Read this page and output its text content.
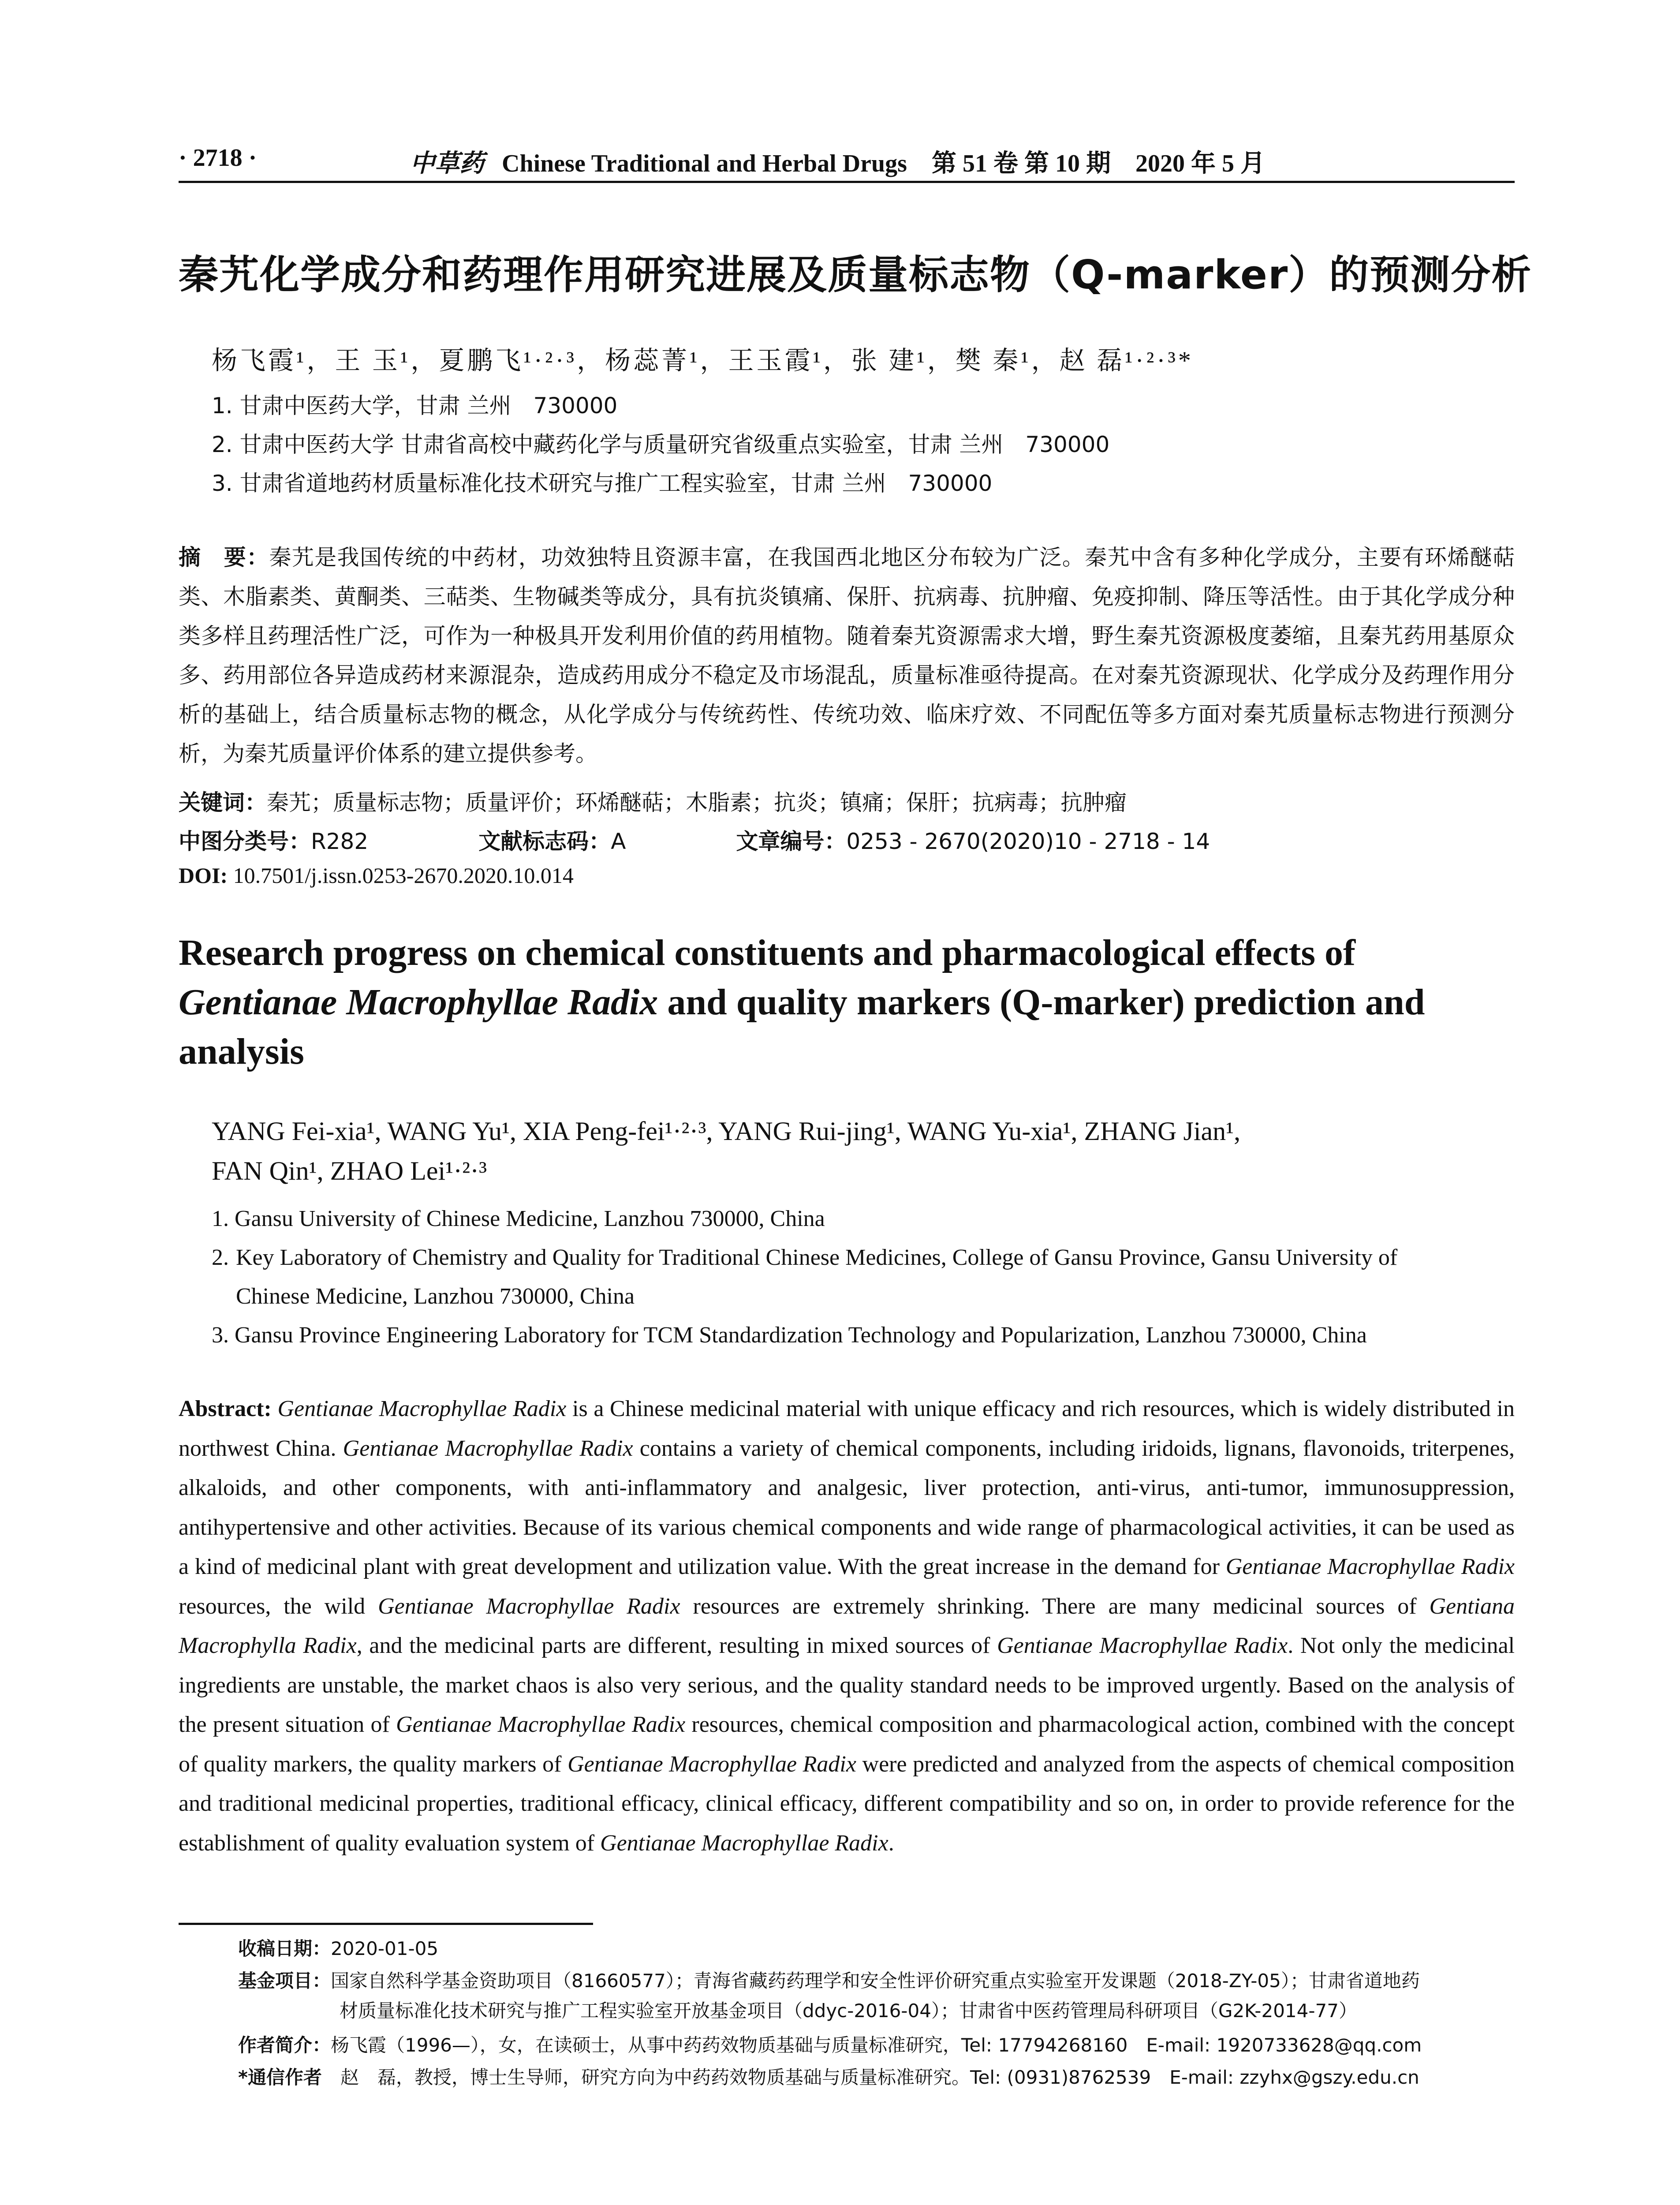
· 2718 ·	中草药 Chinese Traditional and Herbal Drugs　第 51 卷 第 10 期　2020 年 5 月
秦艽化学成分和药理作用研究进展及质量标志物（Q-marker）的预测分析
杨飞霞¹，王 玉¹，夏鹏飞¹·²·³，杨蕊菁¹，王玉霞¹，张 建¹，樊 秦¹，赵 磊¹·²·³*
1. 甘肃中医药大学，甘肃 兰州　730000
2. 甘肃中医药大学 甘肃省高校中藏药化学与质量研究省级重点实验室，甘肃 兰州　730000
3. 甘肃省道地药材质量标准化技术研究与推广工程实验室，甘肃 兰州　730000
摘　要：秦艽是我国传统的中药材，功效独特且资源丰富，在我国西北地区分布较为广泛。秦艽中含有多种化学成分，主要有环烯醚萜类、木脂素类、黄酮类、三萜类、生物碱类等成分，具有抗炎镇痛、保肝、抗病毒、抗肿瘤、免疫抑制、降压等活性。由于其化学成分种类多样且药理活性广泛，可作为一种极具开发利用价值的药用植物。随着秦艽资源需求大增，野生秦艽资源极度萎缩，且秦艽药用基原众多、药用部位各异造成药材来源混杂，造成药用成分不稳定及市场混乱，质量标准亟待提高。在对秦艽资源现状、化学成分及药理作用分析的基础上，结合质量标志物的概念，从化学成分与传统药性、传统功效、临床疗效、不同配伍等多方面对秦艽质量标志物进行预测分析，为秦艽质量评价体系的建立提供参考。
关键词：秦艽；质量标志物；质量评价；环烯醚萜；木脂素；抗炎；镇痛；保肝；抗病毒；抗肿瘤
中图分类号：R282	文献标志码：A	文章编号：0253 - 2670(2020)10 - 2718 - 14
DOI: 10.7501/j.issn.0253-2670.2020.10.014
Research progress on chemical constituents and pharmacological effects of
Gentianae Macrophyllae Radix and quality markers (Q-marker) prediction and
analysis
YANG Fei-xia¹, WANG Yu¹, XIA Peng-fei¹·²·³, YANG Rui-jing¹, WANG Yu-xia¹, ZHANG Jian¹,
FAN Qin¹, ZHAO Lei¹·²·³
1. Gansu University of Chinese Medicine, Lanzhou 730000, China
2. Key Laboratory of Chemistry and Quality for Traditional Chinese Medicines, College of Gansu Province, Gansu University of
Chinese Medicine, Lanzhou 730000, China
3. Gansu Province Engineering Laboratory for TCM Standardization Technology and Popularization, Lanzhou 730000, China
Abstract: Gentianae Macrophyllae Radix is a Chinese medicinal material with unique efficacy and rich resources, which is widely distributed in northwest China. Gentianae Macrophyllae Radix contains a variety of chemical components, including iridoids, lignans, flavonoids, triterpenes, alkaloids, and other components, with anti-inflammatory and analgesic, liver protection, anti-virus, anti-tumor, immunosuppression, antihypertensive and other activities. Because of its various chemical components and wide range of pharmacological activities, it can be used as a kind of medicinal plant with great development and utilization value. With the great increase in the demand for Gentianae Macrophyllae Radix resources, the wild Gentianae Macrophyllae Radix resources are extremely shrinking. There are many medicinal sources of Gentiana Macrophylla Radix, and the medicinal parts are different, resulting in mixed sources of Gentianae Macrophyllae Radix. Not only the medicinal ingredients are unstable, the market chaos is also very serious, and the quality standard needs to be improved urgently. Based on the analysis of the present situation of Gentianae Macrophyllae Radix resources, chemical composition and pharmacological action, combined with the concept of quality markers, the quality markers of Gentianae Macrophyllae Radix were predicted and analyzed from the aspects of chemical composition and traditional medicinal properties, traditional efficacy, clinical efficacy, different compatibility and so on, in order to provide reference for the establishment of quality evaluation system of Gentianae Macrophyllae Radix.
收稿日期：2020-01-05
基金项目：国家自然科学基金资助项目（81660577）；青海省藏药药理学和安全性评价研究重点实验室开发课题（2018-ZY-05）；甘肃省道地药
材质量标准化技术研究与推广工程实验室开放基金项目（ddyc-2016-04）；甘肃省中医药管理局科研项目（G2K-2014-77）
作者简介：杨飞霞（1996—），女，在读硕士，从事中药药效物质基础与质量标准研究，Tel: 17794268160　E-mail: 1920733628@qq.com
*通信作者　赵　磊，教授，博士生导师，研究方向为中药药效物质基础与质量标准研究。Tel: (0931)8762539　E-mail: zzyhx@gszy.edu.cn
